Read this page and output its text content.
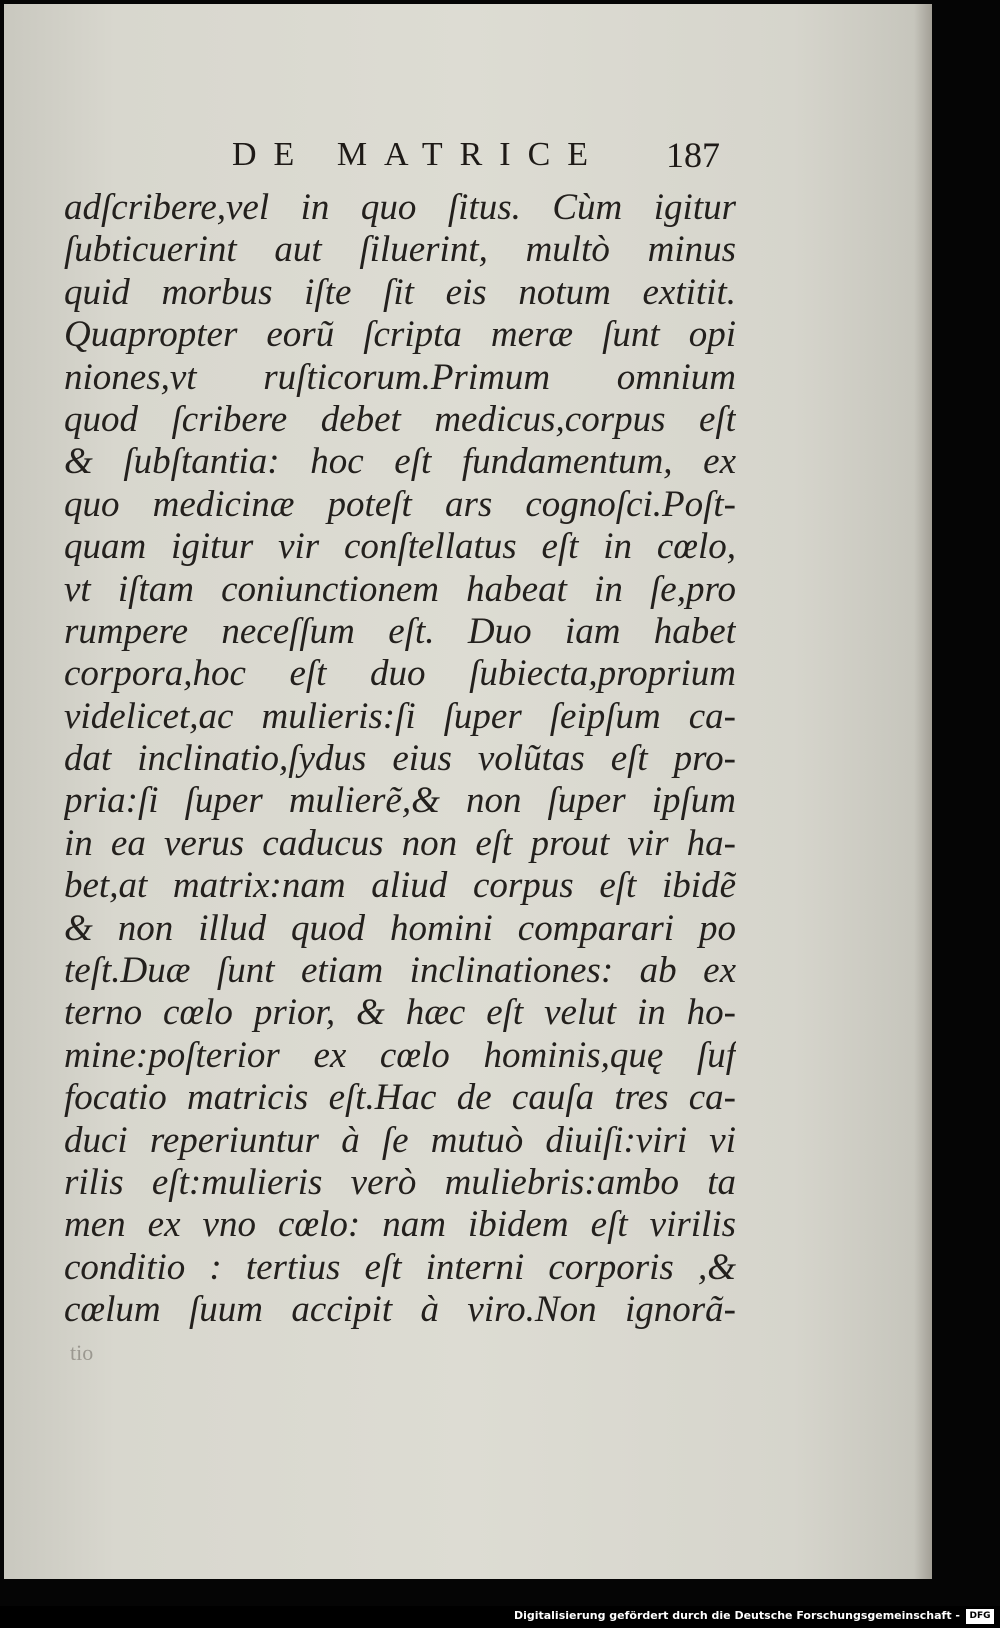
DE MATRICE 187
adſcribere,vel in quo ſitus. Cùm igitur
ſubticuerint aut ſiluerint, multò minus
quid morbus iſte ſit eis notum extitit.
Quapropter eorũ ſcripta meræ ſunt opi
niones,vt ruſticorum.Primum omnium
quod ſcribere debet medicus,corpus eſt
& ſubſtantia: hoc eſt fundamentum, ex
quo medicinæ poteſt ars cognoſci.Poſt-
quam igitur vir conſtellatus eſt in cœlo,
vt iſtam coniunctionem habeat in ſe,pro
rumpere neceſſum eſt. Duo iam habet
corpora,hoc eſt duo ſubiecta,proprium
videlicet,ac mulieris:ſi ſuper ſeipſum ca-
dat inclinatio,ſydus eius volũtas eſt pro-
pria:ſi ſuper mulierẽ,& non ſuper ipſum
in ea verus caducus non eſt prout vir ha-
bet,at matrix:nam aliud corpus eſt ibidẽ
& non illud quod homini comparari po
teſt.Duæ ſunt etiam inclinationes: ab ex
terno cœlo prior, & hæc eſt velut in ho-
mine:poſterior ex cœlo hominis,quę ſuf
focatio matricis eſt.Hac de cauſa tres ca-
duci reperiuntur à ſe mutuò diuiſi:viri vi
rilis eſt:mulieris verò muliebris:ambo ta
men ex vno cœlo: nam ibidem eſt virilis
conditio : tertius eſt interni corporis ,&
cœlum ſuum accipit à viro.Non ignorã-
tio
Digitalisierung gefördert durch die Deutsche Forschungsgemeinschaft -	DFG
